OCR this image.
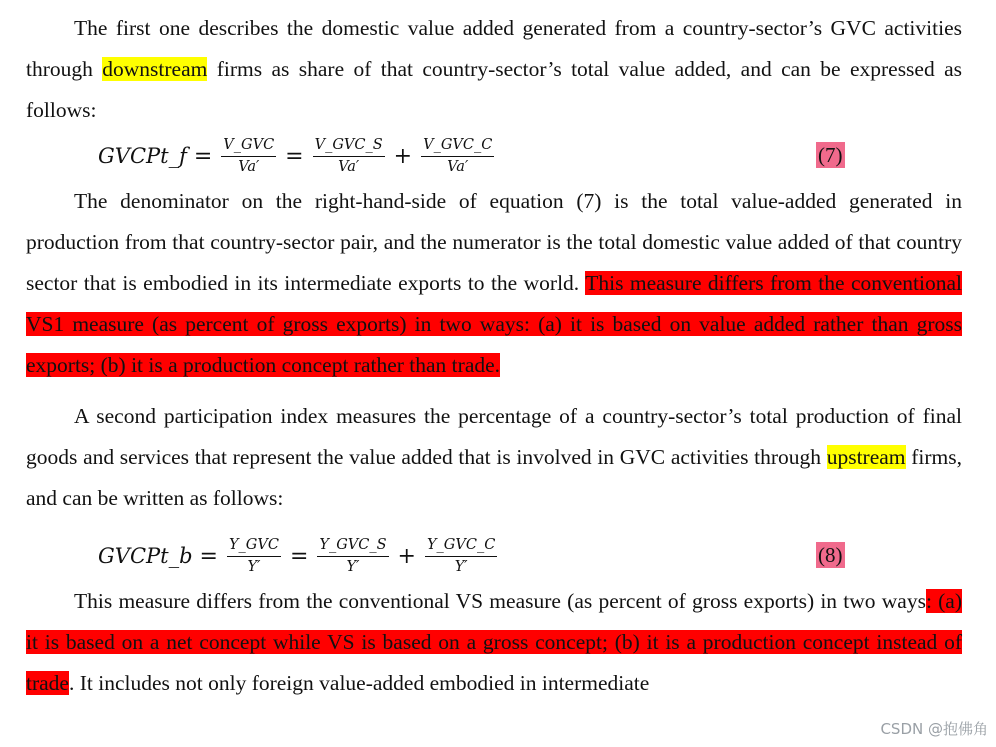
The first one describes the domestic value added generated from a country-sector’s GVC activities through downstream firms as share of that country-sector’s total value added, and can be expressed as follows:

GVCPt_f = $\frac{\text{V\_GVC}}{Va'} = \frac{\text{V\_GVC\_S}}{Va'} + \frac{\text{V\_GVC\_C}}{Va'}$	(7)

The denominator on the right-hand-side of equation (7) is the total value-added generated in production from that country-sector pair, and the numerator is the total domestic value added of that country sector that is embodied in its intermediate exports to the world. This measure differs from the conventional VS1 measure (as percent of gross exports) in two ways: (a) it is based on value added rather than gross exports; (b) it is a production concept rather than trade.

A second participation index measures the percentage of a country-sector’s total production of final goods and services that represent the value added that is involved in GVC activities through upstream firms, and can be written as follows:

GVCPt_b = $\frac{\text{Y\_GVC}}{Y'} = \frac{\text{Y\_GVC\_S}}{Y'} + \frac{\text{Y\_GVC\_C}}{Y'}$	(8)

This measure differs from the conventional VS measure (as percent of gross exports) in two ways: (a) it is based on a net concept while VS is based on a gross concept; (b) it is a production concept instead of trade. It includes not only foreign value-added embodied in intermediate

CSDN @抱佛角
